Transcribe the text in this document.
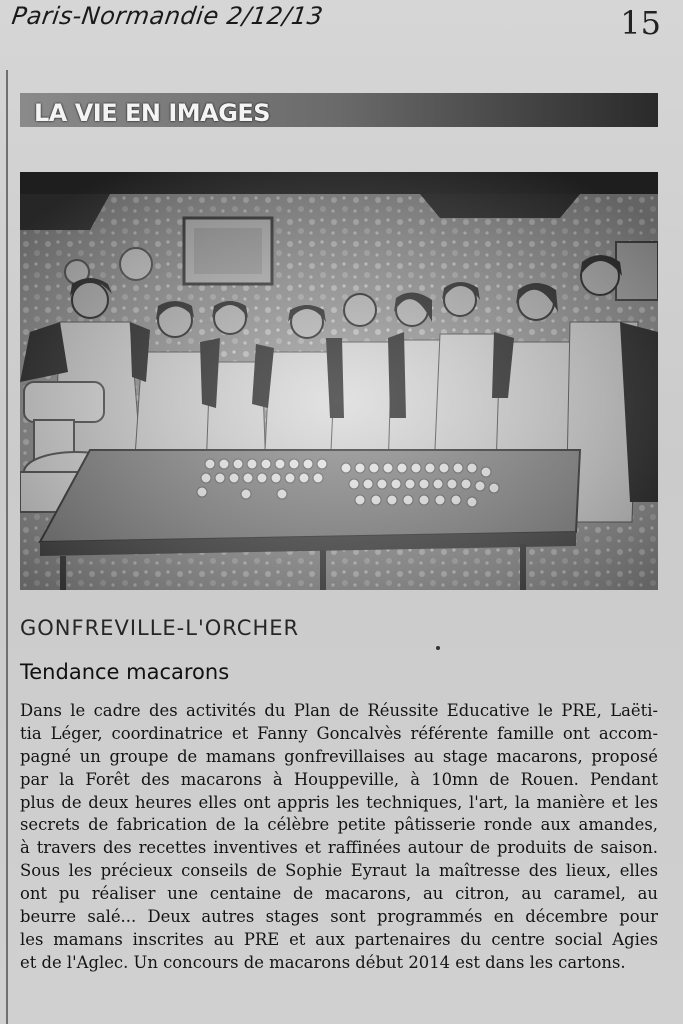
Paris-Normandie 2/12/13	15
LA VIE EN IMAGES
GONFREVILLE-L'ORCHER
Tendance macarons
Dans le cadre des activités du Plan de Réussite Educative le PRE, Laëti-
tia Léger, coordinatrice et Fanny Goncalvès référente famille ont accom-
pagné un groupe de mamans gonfrevillaises au stage macarons, proposé
par la Forêt des macarons à Houppeville, à 10mn de Rouen. Pendant
plus de deux heures elles ont appris les techniques, l'art, la manière et les
secrets de fabrication de la célèbre petite pâtisserie ronde aux amandes,
à travers des recettes inventives et raffinées autour de produits de saison.
Sous les précieux conseils de Sophie Eyraut la maîtresse des lieux, elles
ont pu réaliser une centaine de macarons, au citron, au caramel, au
beurre salé... Deux autres stages sont programmés en décembre pour
les mamans inscrites au PRE et aux partenaires du centre social Agies
et de l'Aglec. Un concours de macarons début 2014 est dans les cartons.
